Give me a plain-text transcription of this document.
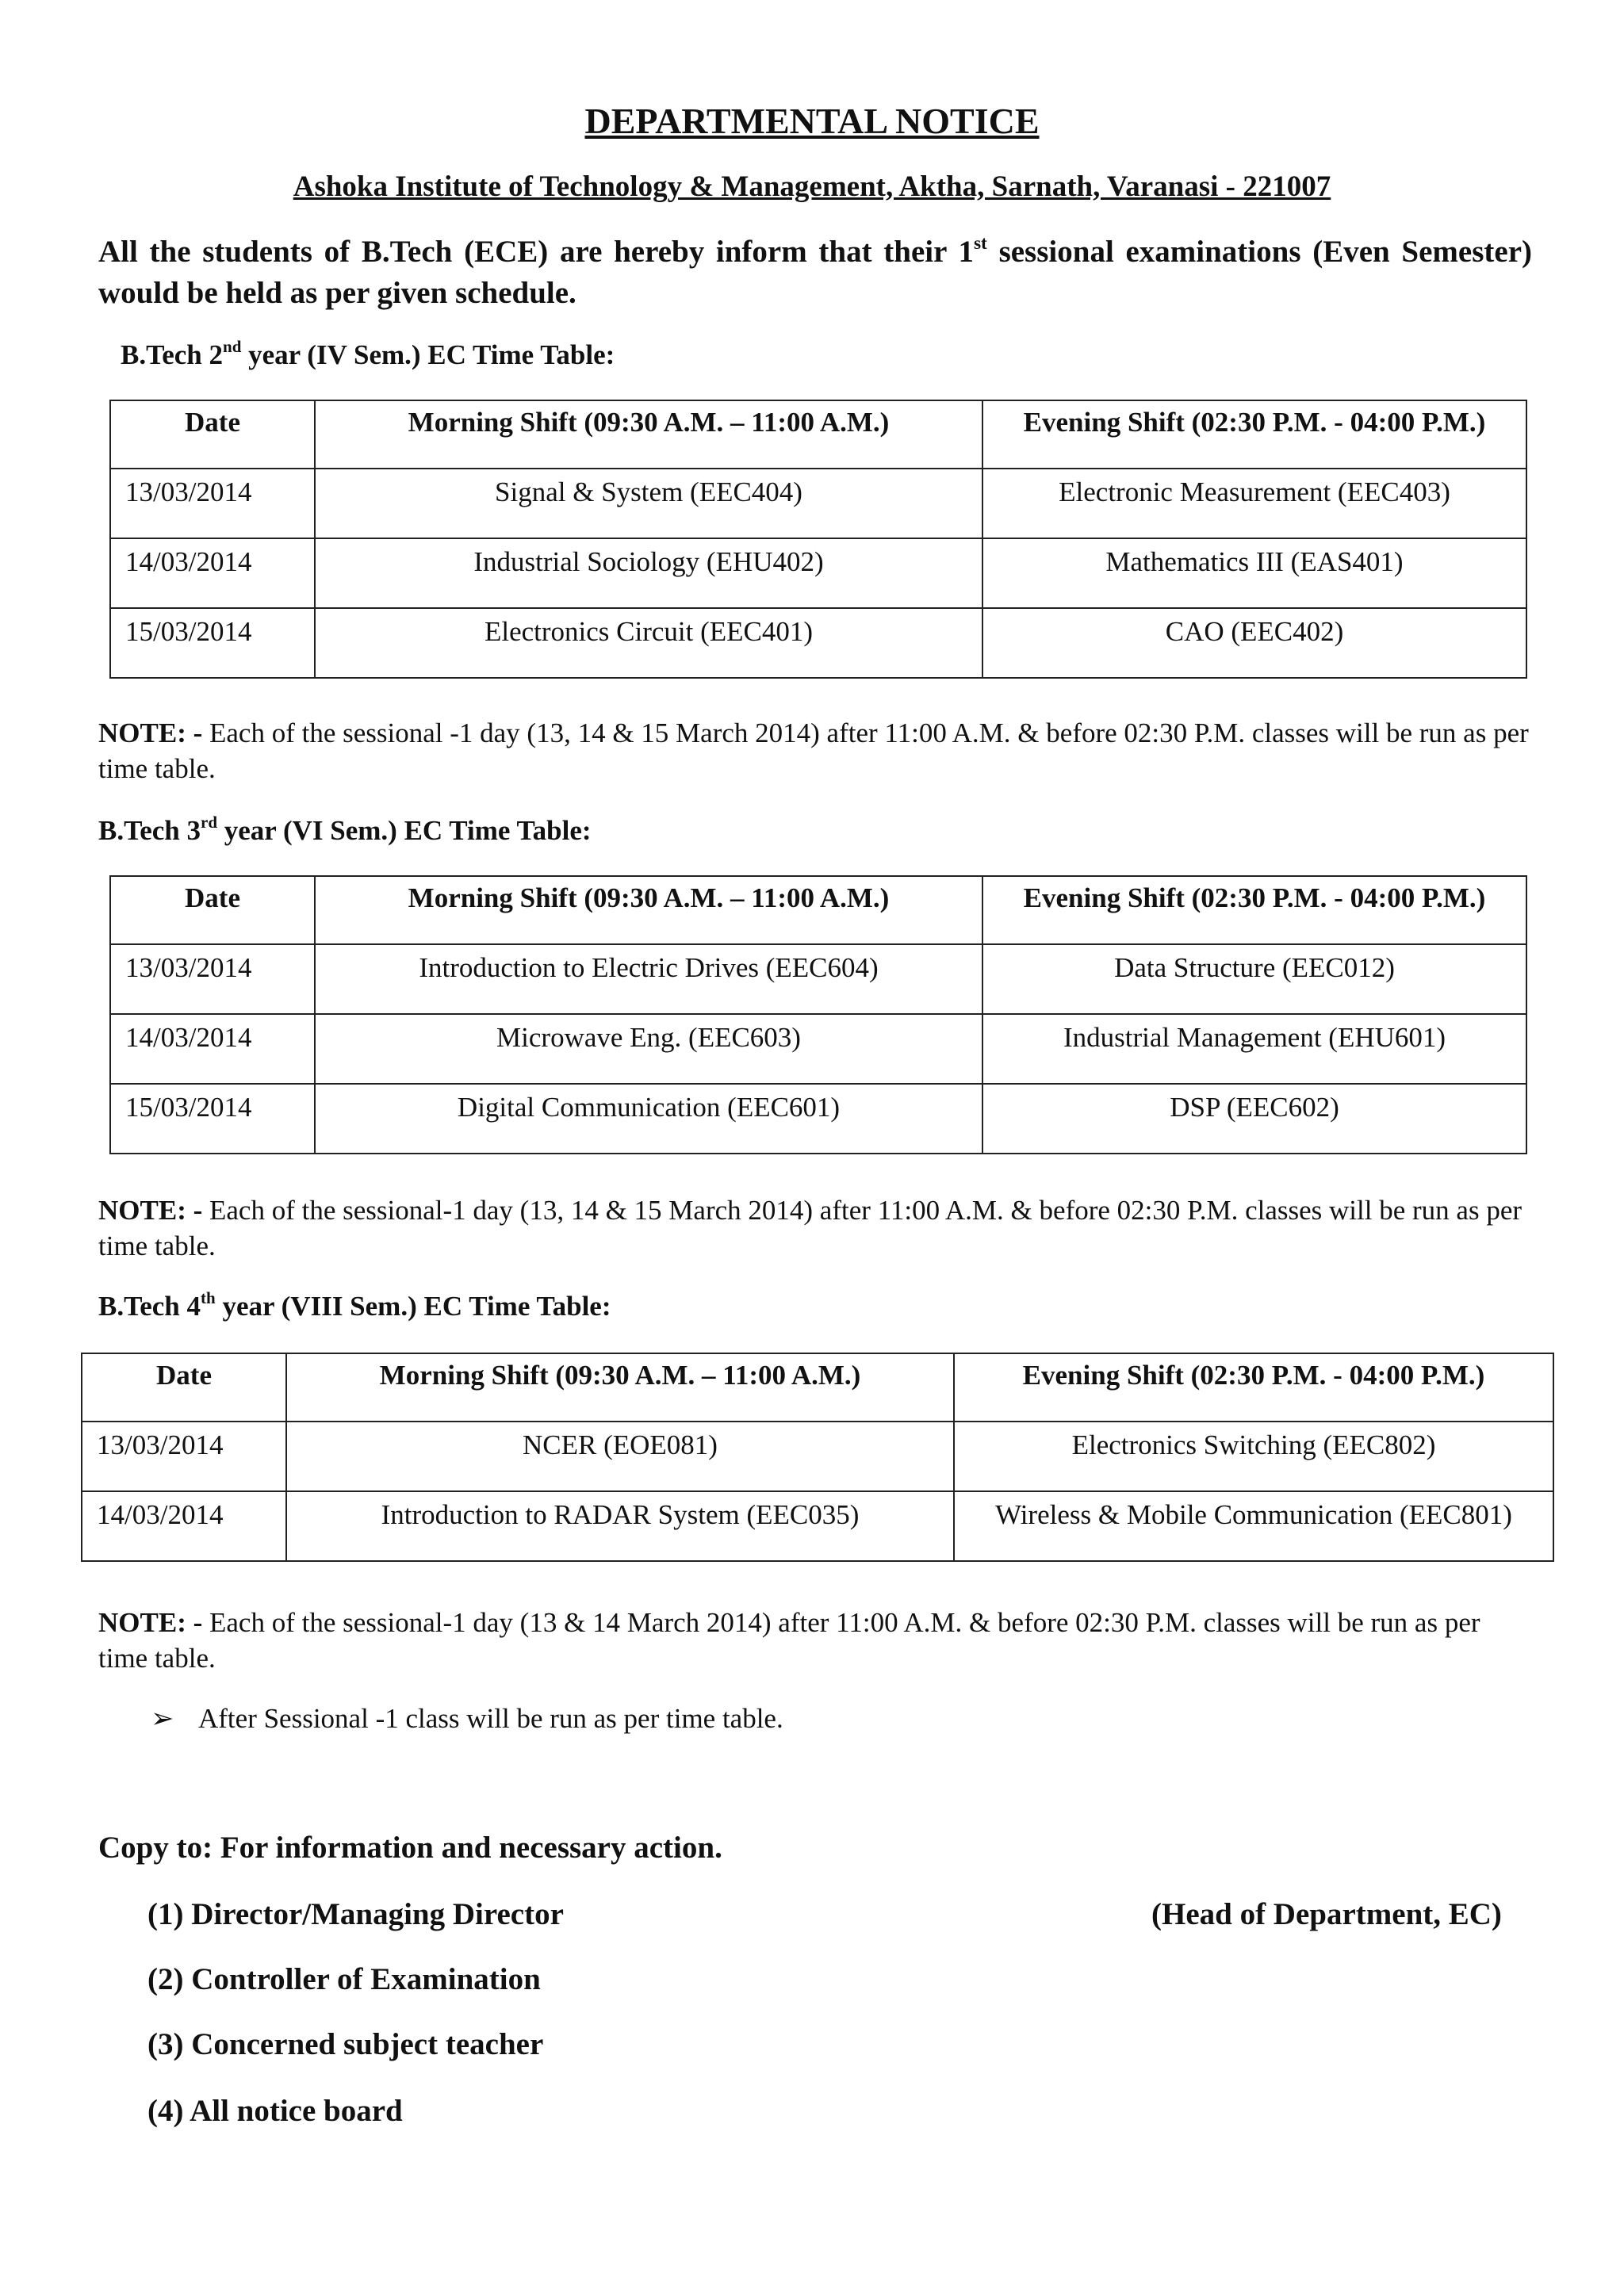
DEPARTMENTAL NOTICE
Ashoka Institute of Technology & Management, Aktha, Sarnath, Varanasi - 221007
All the students of B.Tech (ECE) are hereby inform that their 1st sessional examinations (Even Semester) would be held as per given schedule.
B.Tech 2nd year (IV Sem.) EC Time Table:
Date	Morning Shift (09:30 A.M. – 11:00 A.M.)	Evening Shift (02:30 P.M. - 04:00 P.M.)
13/03/2014	Signal & System (EEC404)	Electronic Measurement (EEC403)
14/03/2014	Industrial Sociology (EHU402)	Mathematics III (EAS401)
15/03/2014	Electronics Circuit (EEC401)	CAO (EEC402)
NOTE: - Each of the sessional -1 day (13, 14 & 15 March 2014) after 11:00 A.M. & before 02:30 P.M. classes will be run as per time table.
B.Tech 3rd year (VI Sem.) EC Time Table:
Date	Morning Shift (09:30 A.M. – 11:00 A.M.)	Evening Shift (02:30 P.M. - 04:00 P.M.)
13/03/2014	Introduction to Electric Drives (EEC604)	Data Structure (EEC012)
14/03/2014	Microwave Eng. (EEC603)	Industrial Management (EHU601)
15/03/2014	Digital Communication (EEC601)	DSP (EEC602)
NOTE: - Each of the sessional-1 day (13, 14 & 15 March 2014) after 11:00 A.M. & before 02:30 P.M. classes will be run as per time table.
B.Tech 4th year (VIII Sem.) EC Time Table:
Date	Morning Shift (09:30 A.M. – 11:00 A.M.)	Evening Shift (02:30 P.M. - 04:00 P.M.)
13/03/2014	NCER (EOE081)	Electronics Switching (EEC802)
14/03/2014	Introduction to RADAR System (EEC035)	Wireless & Mobile Communication (EEC801)
NOTE: - Each of the sessional-1 day (13 & 14 March 2014) after 11:00 A.M. & before 02:30 P.M. classes will be run as per time table.
➢ After Sessional -1 class will be run as per time table.
Copy to: For information and necessary action.
(1) Director/Managing Director	(Head of Department, EC)
(2) Controller of Examination
(3) Concerned subject teacher
(4) All notice board
